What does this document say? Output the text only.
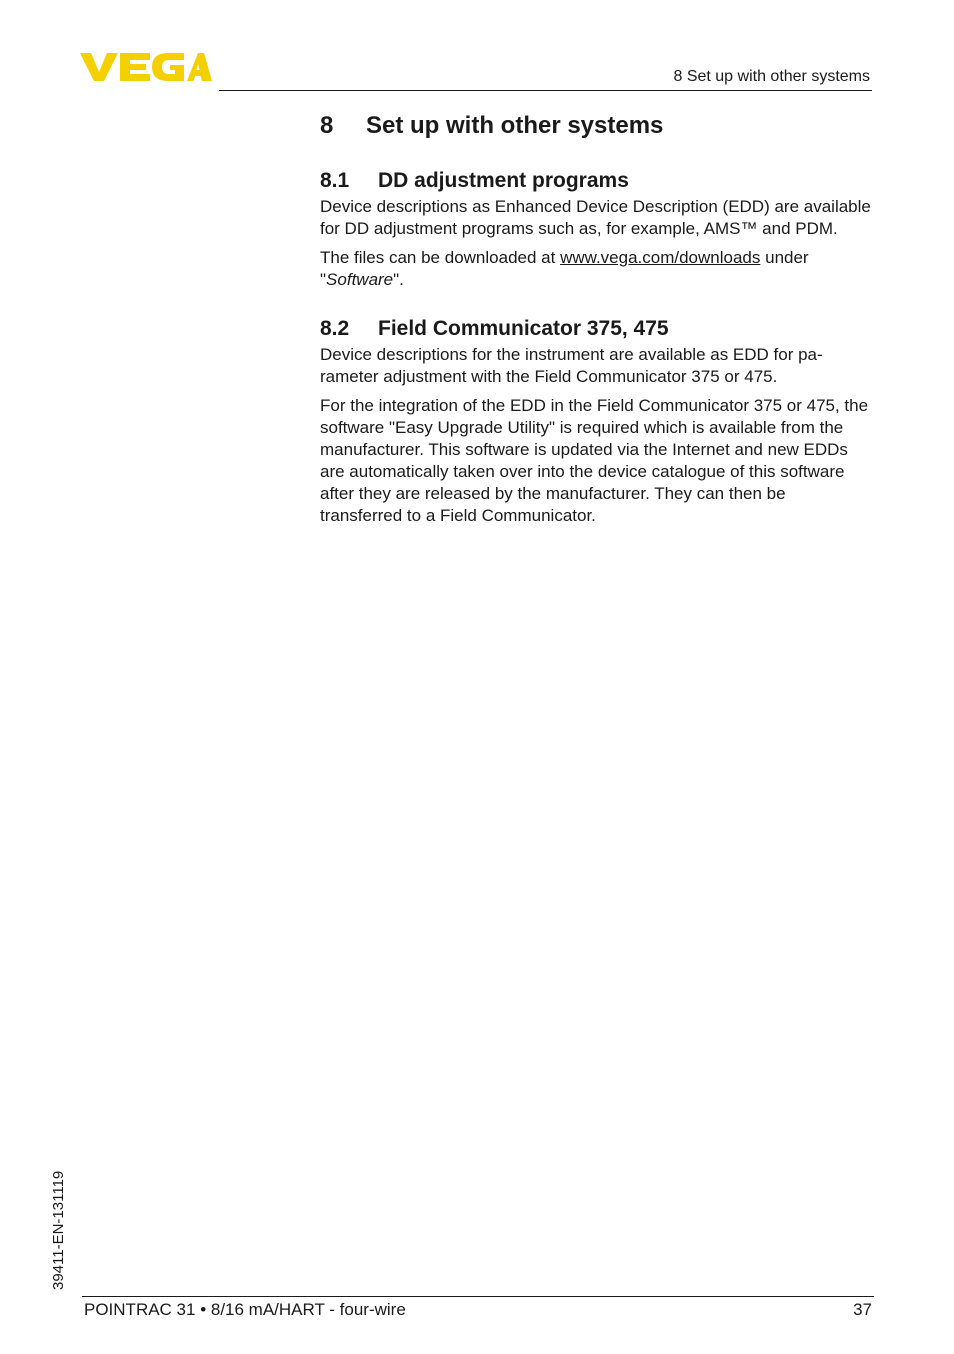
8 Set up with other systems
8 Set up with other systems
8.1 DD adjustment programs

Device descriptions as Enhanced Device Description (EDD) are available for DD adjustment programs such as, for example, AMS™ and PDM.

The files can be downloaded at www.vega.com/downloads under "Software".

8.2 Field Communicator 375, 475

Device descriptions for the instrument are available as EDD for pa-rameter adjustment with the Field Communicator 375 or 475.

For the integration of the EDD in the Field Communicator 375 or 475, the software "Easy Upgrade Utility" is required which is available from the manufacturer. This software is updated via the Internet and new EDDs are automatically taken over into the device catalogue of this software after they are released by the manufacturer. They can then be transferred to a Field Communicator.

39411-EN-131119
POINTRAC 31 • 8/16 mA/HART - four-wire	37
